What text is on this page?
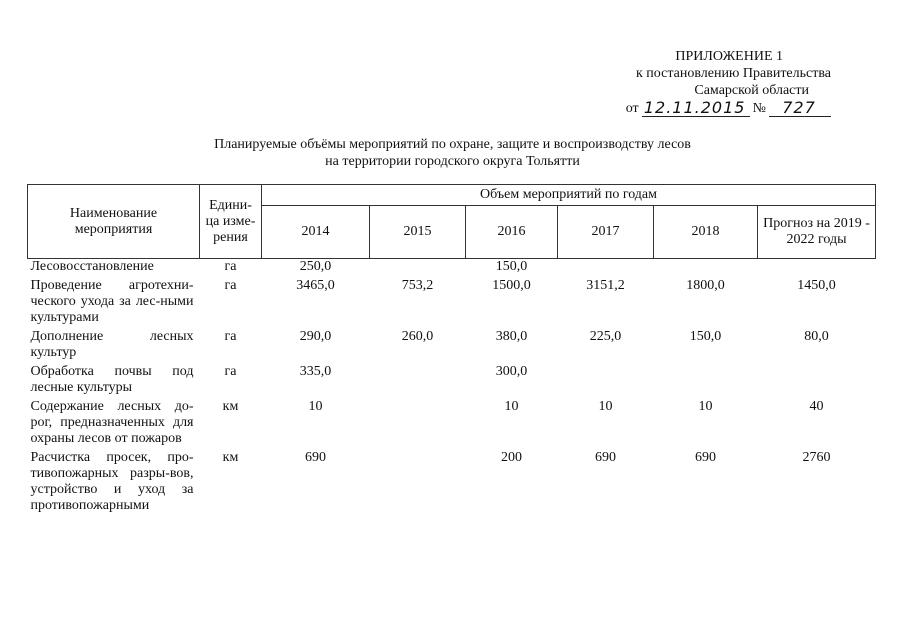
ПРИЛОЖЕНИЕ 1
к постановлению Правительства
Самарской области
от 12.11.2015 №	727
Планируемые объёмы мероприятий по охране, защите и воспроизводству лесов
на территории городского округа Тольятти
Наименование мероприятия	Едини-ца изме-рения	Объем мероприятий по годам					
		2014	2015	2016	2017	2018	Прогноз на 2019 - 2022 годы
Лесовосстановление	га	250,0		150,0			
Проведение агротехни-ческого ухода за лес-ными культурами	га	3465,0	753,2	1500,0	3151,2	1800,0	1450,0
Дополнение лесных культур	га	290,0	260,0	380,0	225,0	150,0	80,0
Обработка почвы под лесные культуры	га	335,0		300,0			
Содержание лесных до-рог, предназначенных для охраны лесов от пожаров	км	10		10	10	10	40
Расчистка просек, про-тивопожарных разры-вов, устройство и уход за противопожарными	км	690		200	690	690	2760
